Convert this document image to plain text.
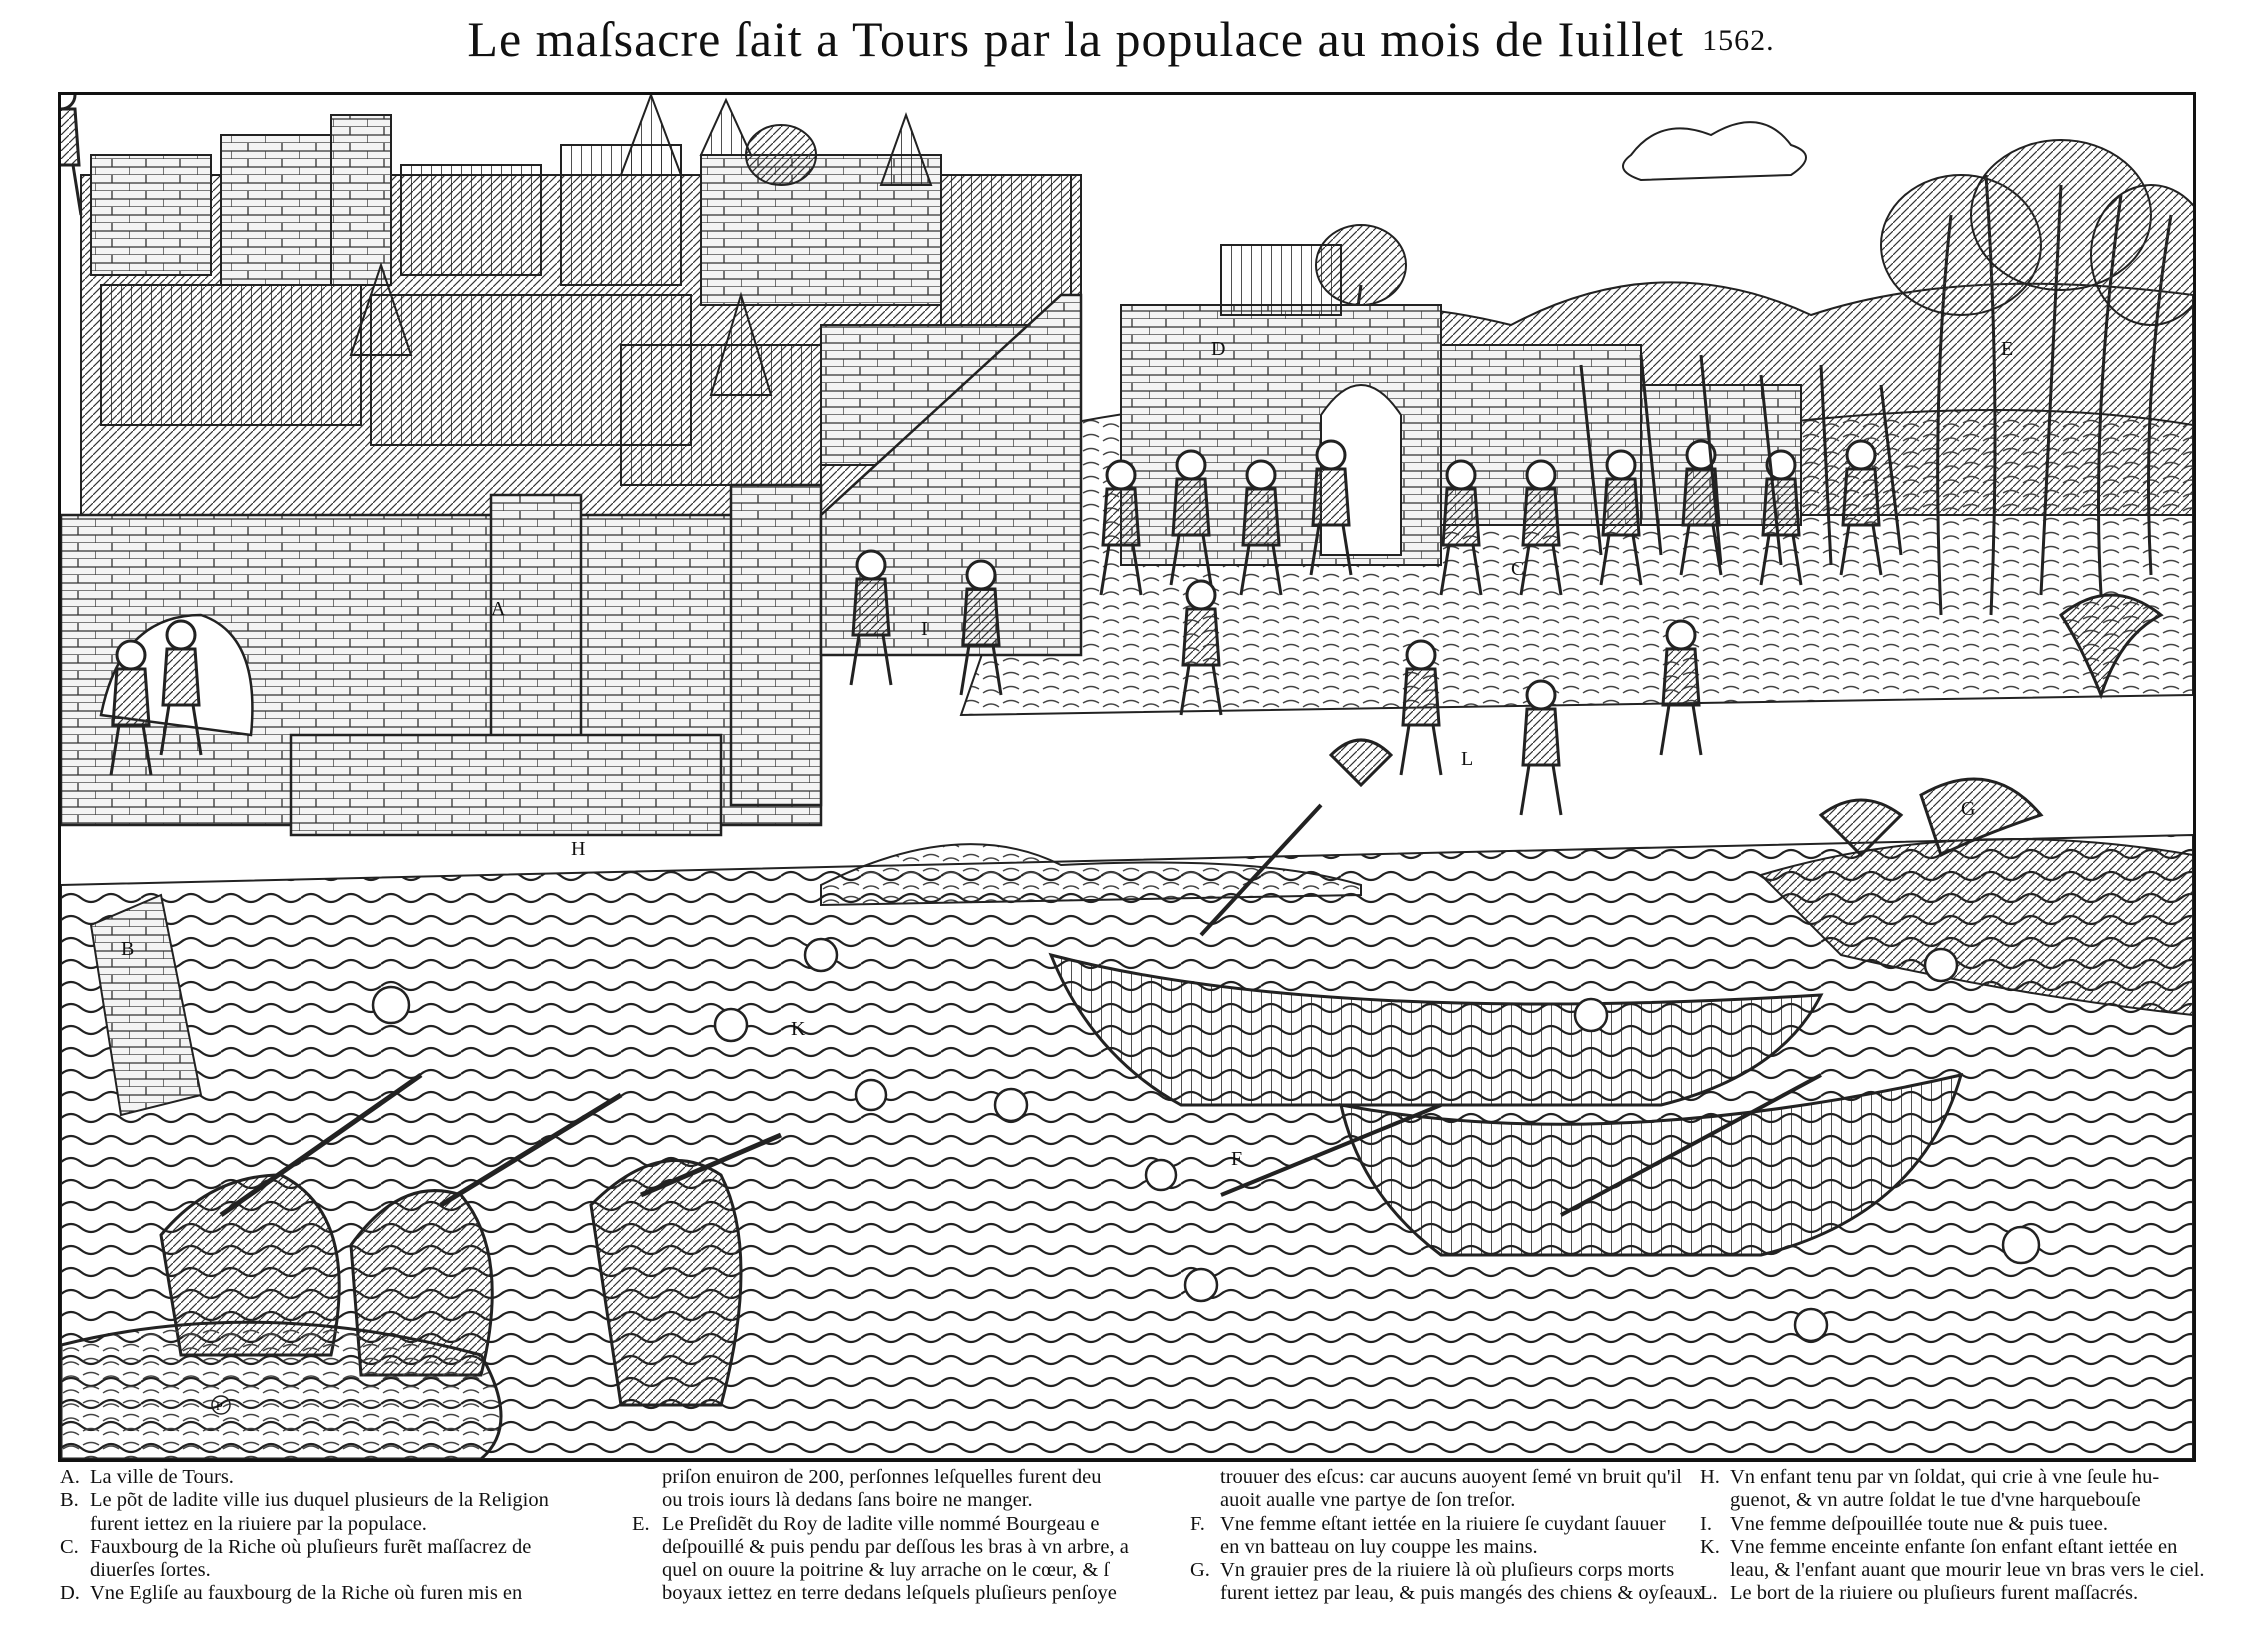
Le maſsacre ſait a Tours par la populace au mois de Iuillet 1562.
A
B
C
D	E
F
G
H
I
K
L
P
A. La ville de Tours.
B. Le põt de ladite ville ius duquel plusieurs de la Religion
furent iettez en la riuiere par la populace.
C. Fauxbourg de la Riche où pluſieurs furẽt maſſacrez de
diuerſes ſortes.
D. Vne Egliſe au fauxbourg de la Riche où furen mis en
priſon enuiron de 200, perſonnes leſquelles furent deu
ou trois iours là dedans ſans boire ne manger.
E. Le Preſidẽt du Roy de ladite ville nommé Bourgeau e
deſpouillé & puis pendu par deſſous les bras à vn arbre, a
quel on ouure la poitrine & luy arrache on le cœur, & ſ
boyaux iettez en terre dedans leſquels pluſieurs penſoye
trouuer des eſcus: car aucuns auoyent ſemé vn bruit qu'il
auoit aualle vne partye de ſon treſor.
F. Vne femme eſtant iettée en la riuiere ſe cuydant ſauuer
en vn batteau on luy couppe les mains.
G. Vn grauier pres de la riuiere là où pluſieurs corps morts
furent iettez par leau, & puis mangés des chiens & oyſeaux
H. Vn enfant tenu par vn ſoldat, qui crie à vne ſeule hu-
guenot, & vn autre ſoldat le tue d'vne harquebouſe
I. Vne femme deſpouillée toute nue & puis tuee.
K. Vne femme enceinte enfante ſon enfant eſtant iettée en
leau, & l'enfant auant que mourir leue vn bras vers le ciel.
L. Le bort de la riuiere ou pluſieurs furent maſſacrés.
